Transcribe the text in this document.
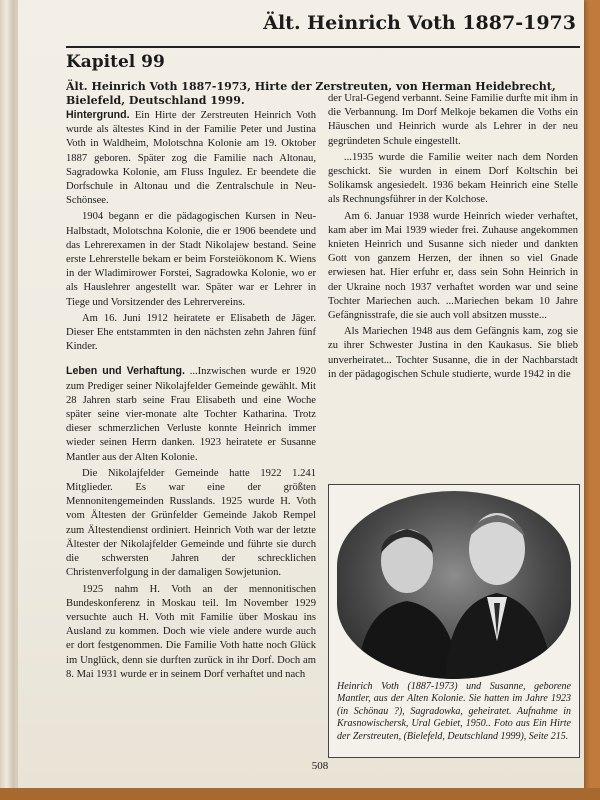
Ält. Heinrich Voth 1887-1973
Kapitel 99
Ält. Heinrich Voth 1887-1973, Hirte der Zerstreuten, von Herman Heidebrecht, Bielefeld, Deutschland 1999.

Hintergrund. Ein Hirte der Zerstreuten Heinrich Voth wurde als ältestes Kind in der Familie Peter und Justina Voth in Waldheim, Molotschna Kolonie am 19. Oktober 1887 geboren. Später zog die Familie nach Altonau, Sagradowka Kolonie, am Fluss Ingulez. Er beendete die Dorfschule in Altonau und die Zentralschule in Neu-Schönsee.

1904 begann er die pädagogischen Kursen in Neu-Halbstadt, Molotschna Kolonie, die er 1906 beendete und das Lehrerexamen in der Stadt Nikolajew bestand. Seine erste Lehrerstelle bekam er beim Forsteiökonom K. Wiens in der Wladimirower Forstei, Sagradowka Kolonie, wo er als Hauslehrer angestellt war. Später war er Lehrer in Tiege und Vorsitzender des Lehrervereins.

Am 16. Juni 1912 heiratete er Elisabeth de Jäger. Dieser Ehe entstammten in den nächsten zehn Jahren fünf Kinder.

Leben und Verhaftung. ...Inzwischen wurde er 1920 zum Prediger seiner Nikolajfelder Gemeinde gewählt. Mit 28 Jahren starb seine Frau Elisabeth und eine Woche später seine vier-monate alte Tochter Katharina. Trotz dieser schmerzlichen Verluste konnte Heinrich immer wieder seinen Herrn danken. 1923 heiratete er Susanne Mantler aus der Alten Kolonie.

Die Nikolajfelder Gemeinde hatte 1922 1.241 Mitglieder. Es war eine der größten Mennonitengemeinden Russlands. 1925 wurde H. Voth vom Ältesten der Grünfelder Gemeinde Jakob Rempel zum Ältestendienst ordiniert. Heinrich Voth war der letzte Ältester der Nikolajfelder Gemeinde und führte sie durch die schwersten Jahren der schrecklichen Christenverfolgung in der damaligen Sowjetunion.

1925 nahm H. Voth an der mennonitischen Bundeskonferenz in Moskau teil. Im November 1929 versuchte auch H. Voth mit Familie über Moskau ins Ausland zu kommen. Doch wie viele andere wurde auch er dort festgenommen. Die Familie Voth hatte noch Glück im Unglück, denn sie durften zurück in ihr Dorf. Doch am 8. Mai 1931 wurde er in seinem Dorf verhaftet und nach

der Ural-Gegend verbannt. Seine Familie durfte mit ihm in die Verbannung. Im Dorf Melkoje bekamen die Voths ein Häuschen und Heinrich wurde als Lehrer in der neu gegründeten Schule eingestellt.

...1935 wurde die Familie weiter nach dem Norden geschickt. Sie wurden in einem Dorf Koltschin bei Solikamsk angesiedelt. 1936 bekam Heinrich eine Stelle als Rechnungsführer in der Kolchose.

Am 6. Januar 1938 wurde Heinrich wieder verhaftet, kam aber im Mai 1939 wieder frei. Zuhause angekommen knieten Heinrich und Susanne sich nieder und dankten Gott von ganzem Herzen, der ihnen so viel Gnade erwiesen hat. Hier erfuhr er, dass sein Sohn Heinrich in der Ukraine noch 1937 verhaftet worden war und seine Tochter Mariechen auch. ...Mariechen bekam 10 Jahre Gefängnisstrafe, die sie auch voll absitzen musste...

Als Mariechen 1948 aus dem Gefängnis kam, zog sie zu ihrer Schwester Justina in den Kaukasus. Sie blieb unverheiratet... Tochter Susanne, die in der Nachbarstadt in der pädagogischen Schule studierte, wurde 1942 in die

Heinrich Voth (1887-1973) und Susanne, geborene Mantler, aus der Alten Kolonie. Sie hatten im Jahre 1923 (in Schönau ?), Sagradowka, geheiratet. Aufnahme in Krasnowischersk, Ural Gebiet, 1950.. Foto aus Ein Hirte der Zerstreuten, (Bielefeld, Deutschland 1999), Seite 215.
508
